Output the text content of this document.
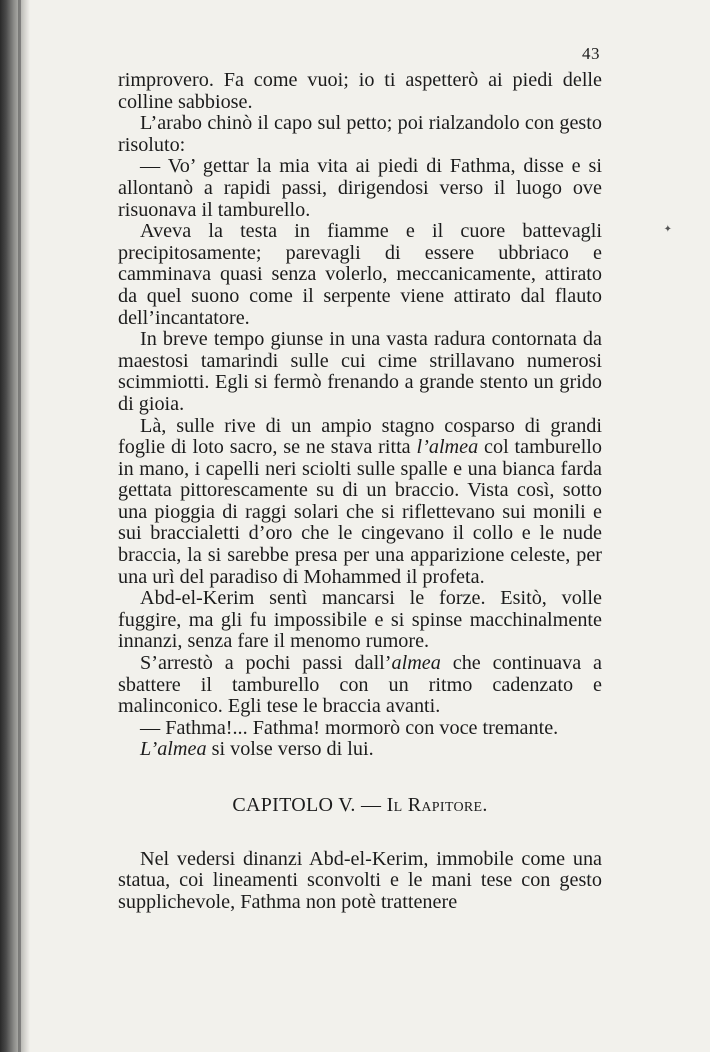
✦
43

rimprovero. Fa come vuoi; io ti aspetterò ai piedi delle colline sabbiose.

L’arabo chinò il capo sul petto; poi rialzandolo con gesto risoluto:

— Vo’ gettar la mia vita ai piedi di Fathma, disse e si allontanò a rapidi passi, dirigendosi verso il luogo ove risuonava il tamburello.

Aveva la testa in fiamme e il cuore battevagli precipitosamente; parevagli di essere ubbriaco e camminava quasi senza volerlo, meccanicamente, attirato da quel suono come il serpente viene attirato dal flauto dell’incantatore.

In breve tempo giunse in una vasta radura contornata da maestosi tamarindi sulle cui cime strillavano numerosi scimmiotti. Egli si fermò frenando a grande stento un grido di gioia.

Là, sulle rive di un ampio stagno cosparso di grandi foglie di loto sacro, se ne stava ritta l’almea col tamburello in mano, i capelli neri sciolti sulle spalle e una bianca farda gettata pittorescamente su di un braccio. Vista così, sotto una pioggia di raggi solari che si riflettevano sui monili e sui braccialetti d’oro che le cingevano il collo e le nude braccia, la si sarebbe presa per una apparizione celeste, per una urì del paradiso di Mohammed il profeta.

Abd-el-Kerim sentì mancarsi le forze. Esitò, volle fuggire, ma gli fu impossibile e si spinse macchinalmente innanzi, senza fare il menomo rumore.

S’arrestò a pochi passi dall’almea che continuava a sbattere il tamburello con un ritmo cadenzato e malinconico. Egli tese le braccia avanti.

— Fathma!... Fathma! mormorò con voce tremante.

L’almea si volse verso di lui.

CAPITOLO V. — Il Rapitore.

Nel vedersi dinanzi Abd-el-Kerim, immobile come una statua, coi lineamenti sconvolti e le mani tese con gesto supplichevole, Fathma non potè trattenere
